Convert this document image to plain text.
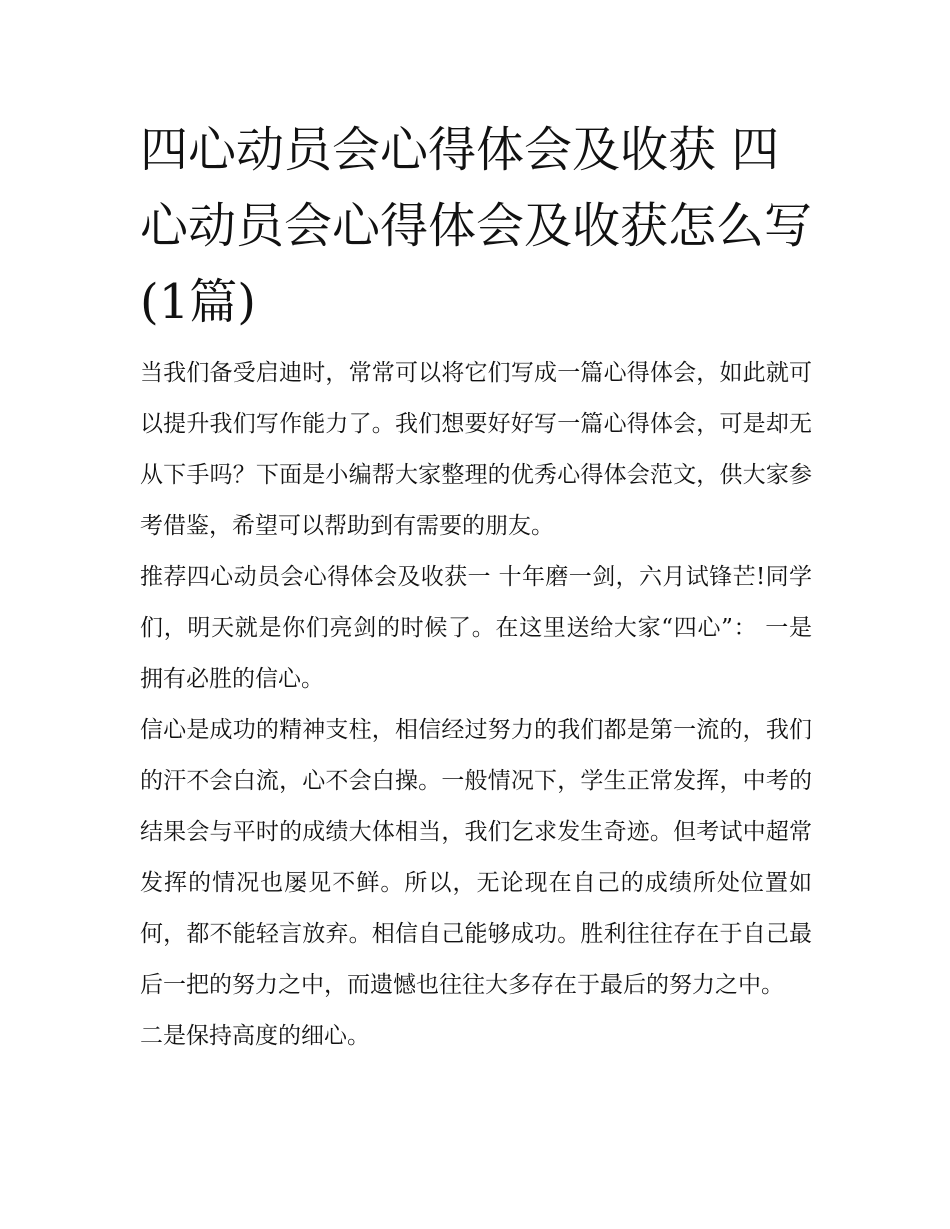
四心动员会心得体会及收获 四心动员会心得体会及收获怎么写(1篇)

当我们备受启迪时，常常可以将它们写成一篇心得体会，如此就可以提升我们写作能力了。我们想要好好写一篇心得体会，可是却无从下手吗？下面是小编帮大家整理的优秀心得体会范文，供大家参考借鉴，希望可以帮助到有需要的朋友。

推荐四心动员会心得体会及收获一 十年磨一剑，六月试锋芒!同学们，明天就是你们亮剑的时候了。在这里送给大家“四心”： 一是拥有必胜的信心。

信心是成功的精神支柱，相信经过努力的我们都是第一流的，我们的汗不会白流，心不会白操。一般情况下，学生正常发挥，中考的结果会与平时的成绩大体相当，我们乞求发生奇迹。但考试中超常发挥的情况也屡见不鲜。所以，无论现在自己的成绩所处位置如何，都不能轻言放弃。相信自己能够成功。胜利往往存在于自己最后一把的努力之中，而遗憾也往往大多存在于最后的努力之中。

二是保持高度的细心。
